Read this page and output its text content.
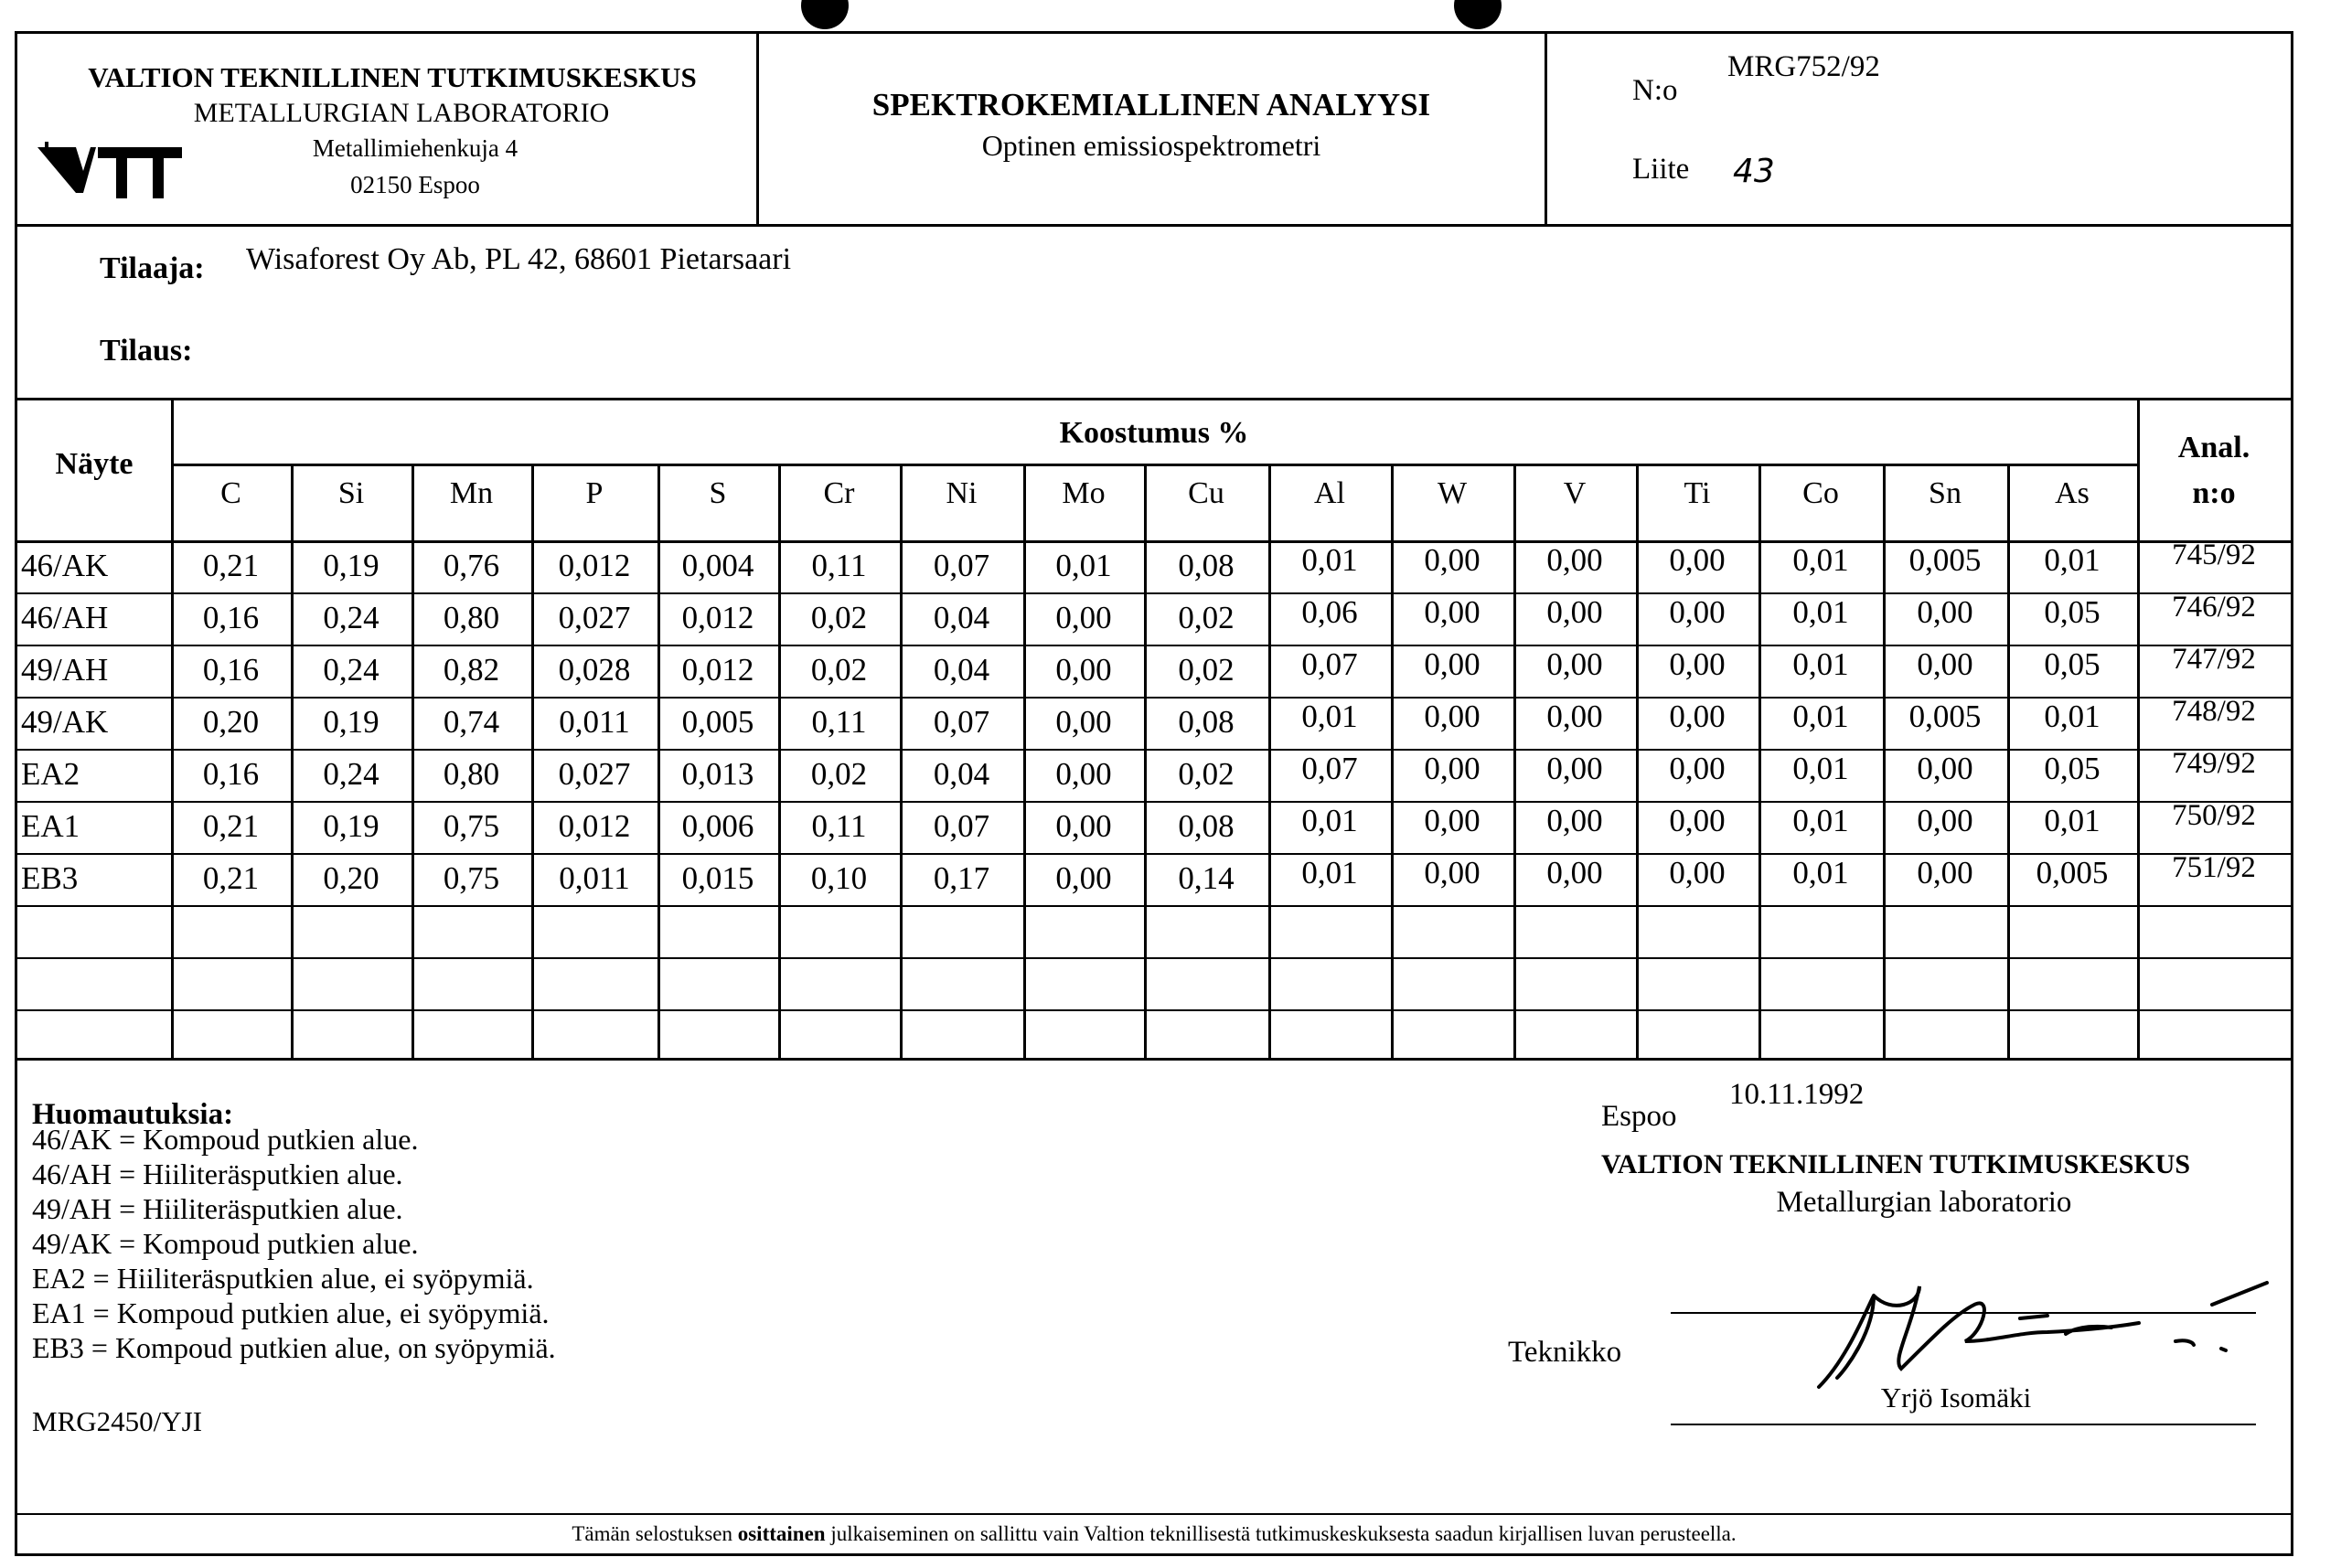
VALTION TEKNILLINEN TUTKIMUSKESKUS
METALLURGIAN LABORATORIO
Metallimiehenkuja 4
02150 Espoo
SPEKTROKEMIALLINEN ANALYYSI
Optinen emissiospektrometri
N:o
MRG752/92
Liite 43
Tilaaja: Wisaforest Oy Ab, PL 42, 68601 Pietarsaari
Tilaus:
Näyte
Koostumus %	Anal.
n:o
C	Si	Mn	P	S	Cr	Ni	Mo	Cu	Al	W	V	Ti	Co	Sn	As
46/AK	0,21	0,19	0,76	0,012	0,004	0,11	0,07	0,01	0,08	0,01	0,00	0,00	0,00	0,01	0,005	0,01	745/92
46/AH	0,16	0,24	0,80	0,027	0,012	0,02	0,04	0,00	0,02	0,06	0,00	0,00	0,00	0,01	0,00	0,05	746/92
49/AH	0,16	0,24	0,82	0,028	0,012	0,02	0,04	0,00	0,02	0,07	0,00	0,00	0,00	0,01	0,00	0,05	747/92
49/AK	0,20	0,19	0,74	0,011	0,005	0,11	0,07	0,00	0,08	0,01	0,00	0,00	0,00	0,01	0,005	0,01	748/92
EA2	0,16	0,24	0,80	0,027	0,013	0,02	0,04	0,00	0,02	0,07	0,00	0,00	0,00	0,01	0,00	0,05	749/92
EA1	0,21	0,19	0,75	0,012	0,006	0,11	0,07	0,00	0,08	0,01	0,00	0,00	0,00	0,01	0,00	0,01	750/92
EB3	0,21	0,20	0,75	0,011	0,015	0,10	0,17	0,00	0,14	0,01	0,00	0,00	0,00	0,01	0,00	0,005	751/92
Huomautuksia:
46/AK = Kompoud putkien alue.
46/AH = Hiiliteräsputkien alue.
49/AH = Hiiliteräsputkien alue.
49/AK = Kompoud putkien alue.
EA2 = Hiiliteräsputkien alue, ei syöpymiä.
EA1 = Kompoud putkien alue, ei syöpymiä.
EB3 = Kompoud putkien alue, on syöpymiä.
MRG2450/YJI
Espoo
10.11.1992
VALTION TEKNILLINEN TUTKIMUSKESKUS
Metallurgian laboratorio
Teknikko
Yrjö Isomäki
Tämän selostuksen osittainen julkaiseminen on sallittu vain Valtion teknillisestä tutkimuskeskuksesta saadun kirjallisen luvan perusteella.
